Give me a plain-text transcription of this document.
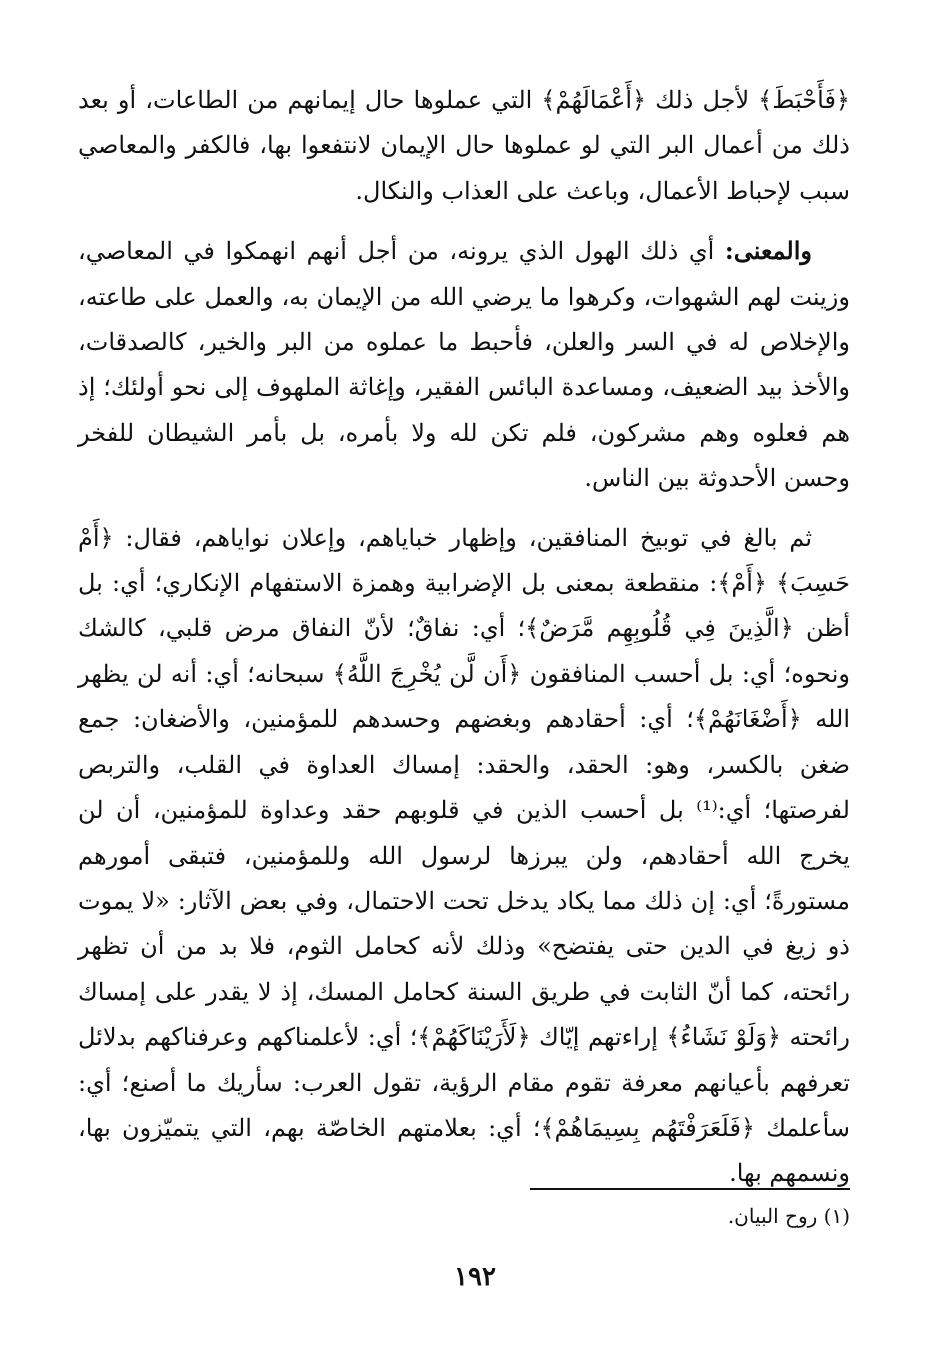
﴿فَأَحْبَطَ﴾ لأجل ذلك ﴿أَعْمَالَهُمْ﴾ التي عملوها حال إيمانهم من الطاعات، أو بعد ذلك من أعمال البر التي لو عملوها حال الإيمان لانتفعوا بها، فالكفر والمعاصي سبب لإحباط الأعمال، وباعث على العذاب والنكال.

والمعنى: أي ذلك الهول الذي يرونه، من أجل أنهم انهمكوا في المعاصي، وزينت لهم الشهوات، وكرهوا ما يرضي الله من الإيمان به، والعمل على طاعته، والإخلاص له في السر والعلن، فأحبط ما عملوه من البر والخير، كالصدقات، والأخذ بيد الضعيف، ومساعدة البائس الفقير، وإغاثة الملهوف إلى نحو أولئك؛ إذ هم فعلوه وهم مشركون، فلم تكن لله ولا بأمره، بل بأمر الشيطان للفخر وحسن الأحدوثة بين الناس.

ثم بالغ في توبيخ المنافقين، وإظهار خباياهم، وإعلان نواياهم، فقال: ﴿أَمْ حَسِبَ﴾ ﴿أَمْ﴾: منقطعة بمعنى بل الإضرابية وهمزة الاستفهام الإنكاري؛ أي: بل أظن ﴿الَّذِينَ فِي قُلُوبِهِم مَّرَضٌ﴾؛ أي: نفاقٌ؛ لأنّ النفاق مرض قلبي، كالشك ونحوه؛ أي: بل أحسب المنافقون ﴿أَن لَّن يُخْرِجَ اللَّهُ﴾ سبحانه؛ أي: أنه لن يظهر الله ﴿أَضْغَانَهُمْ﴾؛ أي: أحقادهم وبغضهم وحسدهم للمؤمنين، والأضغان: جمع ضغن بالكسر، وهو: الحقد، والحقد: إمساك العداوة في القلب، والتربص لفرصتها؛ أي:⁽¹⁾ بل أحسب الذين في قلوبهم حقد وعداوة للمؤمنين، أن لن يخرج الله أحقادهم، ولن يبرزها لرسول الله وللمؤمنين، فتبقى أمورهم مستورةً؛ أي: إن ذلك مما يكاد يدخل تحت الاحتمال، وفي بعض الآثار: «لا يموت ذو زيغ في الدين حتى يفتضح» وذلك لأنه كحامل الثوم، فلا بد من أن تظهر رائحته، كما أنّ الثابت في طريق السنة كحامل المسك، إذ لا يقدر على إمساك رائحته ﴿وَلَوْ نَشَاءُ﴾ إراءتهم إيّاك ﴿لَأَرَيْنَاكَهُمْ﴾؛ أي: لأعلمناكهم وعرفناكهم بدلائل تعرفهم بأعيانهم معرفة تقوم مقام الرؤية، تقول العرب: سأريك ما أصنع؛ أي: سأعلمك ﴿فَلَعَرَفْتَهُم بِسِيمَاهُمْ﴾؛ أي: بعلامتهم الخاصّة بهم، التي يتميّزون بها، ونسمهم بها.

(١) روح البيان.
١٩٢
